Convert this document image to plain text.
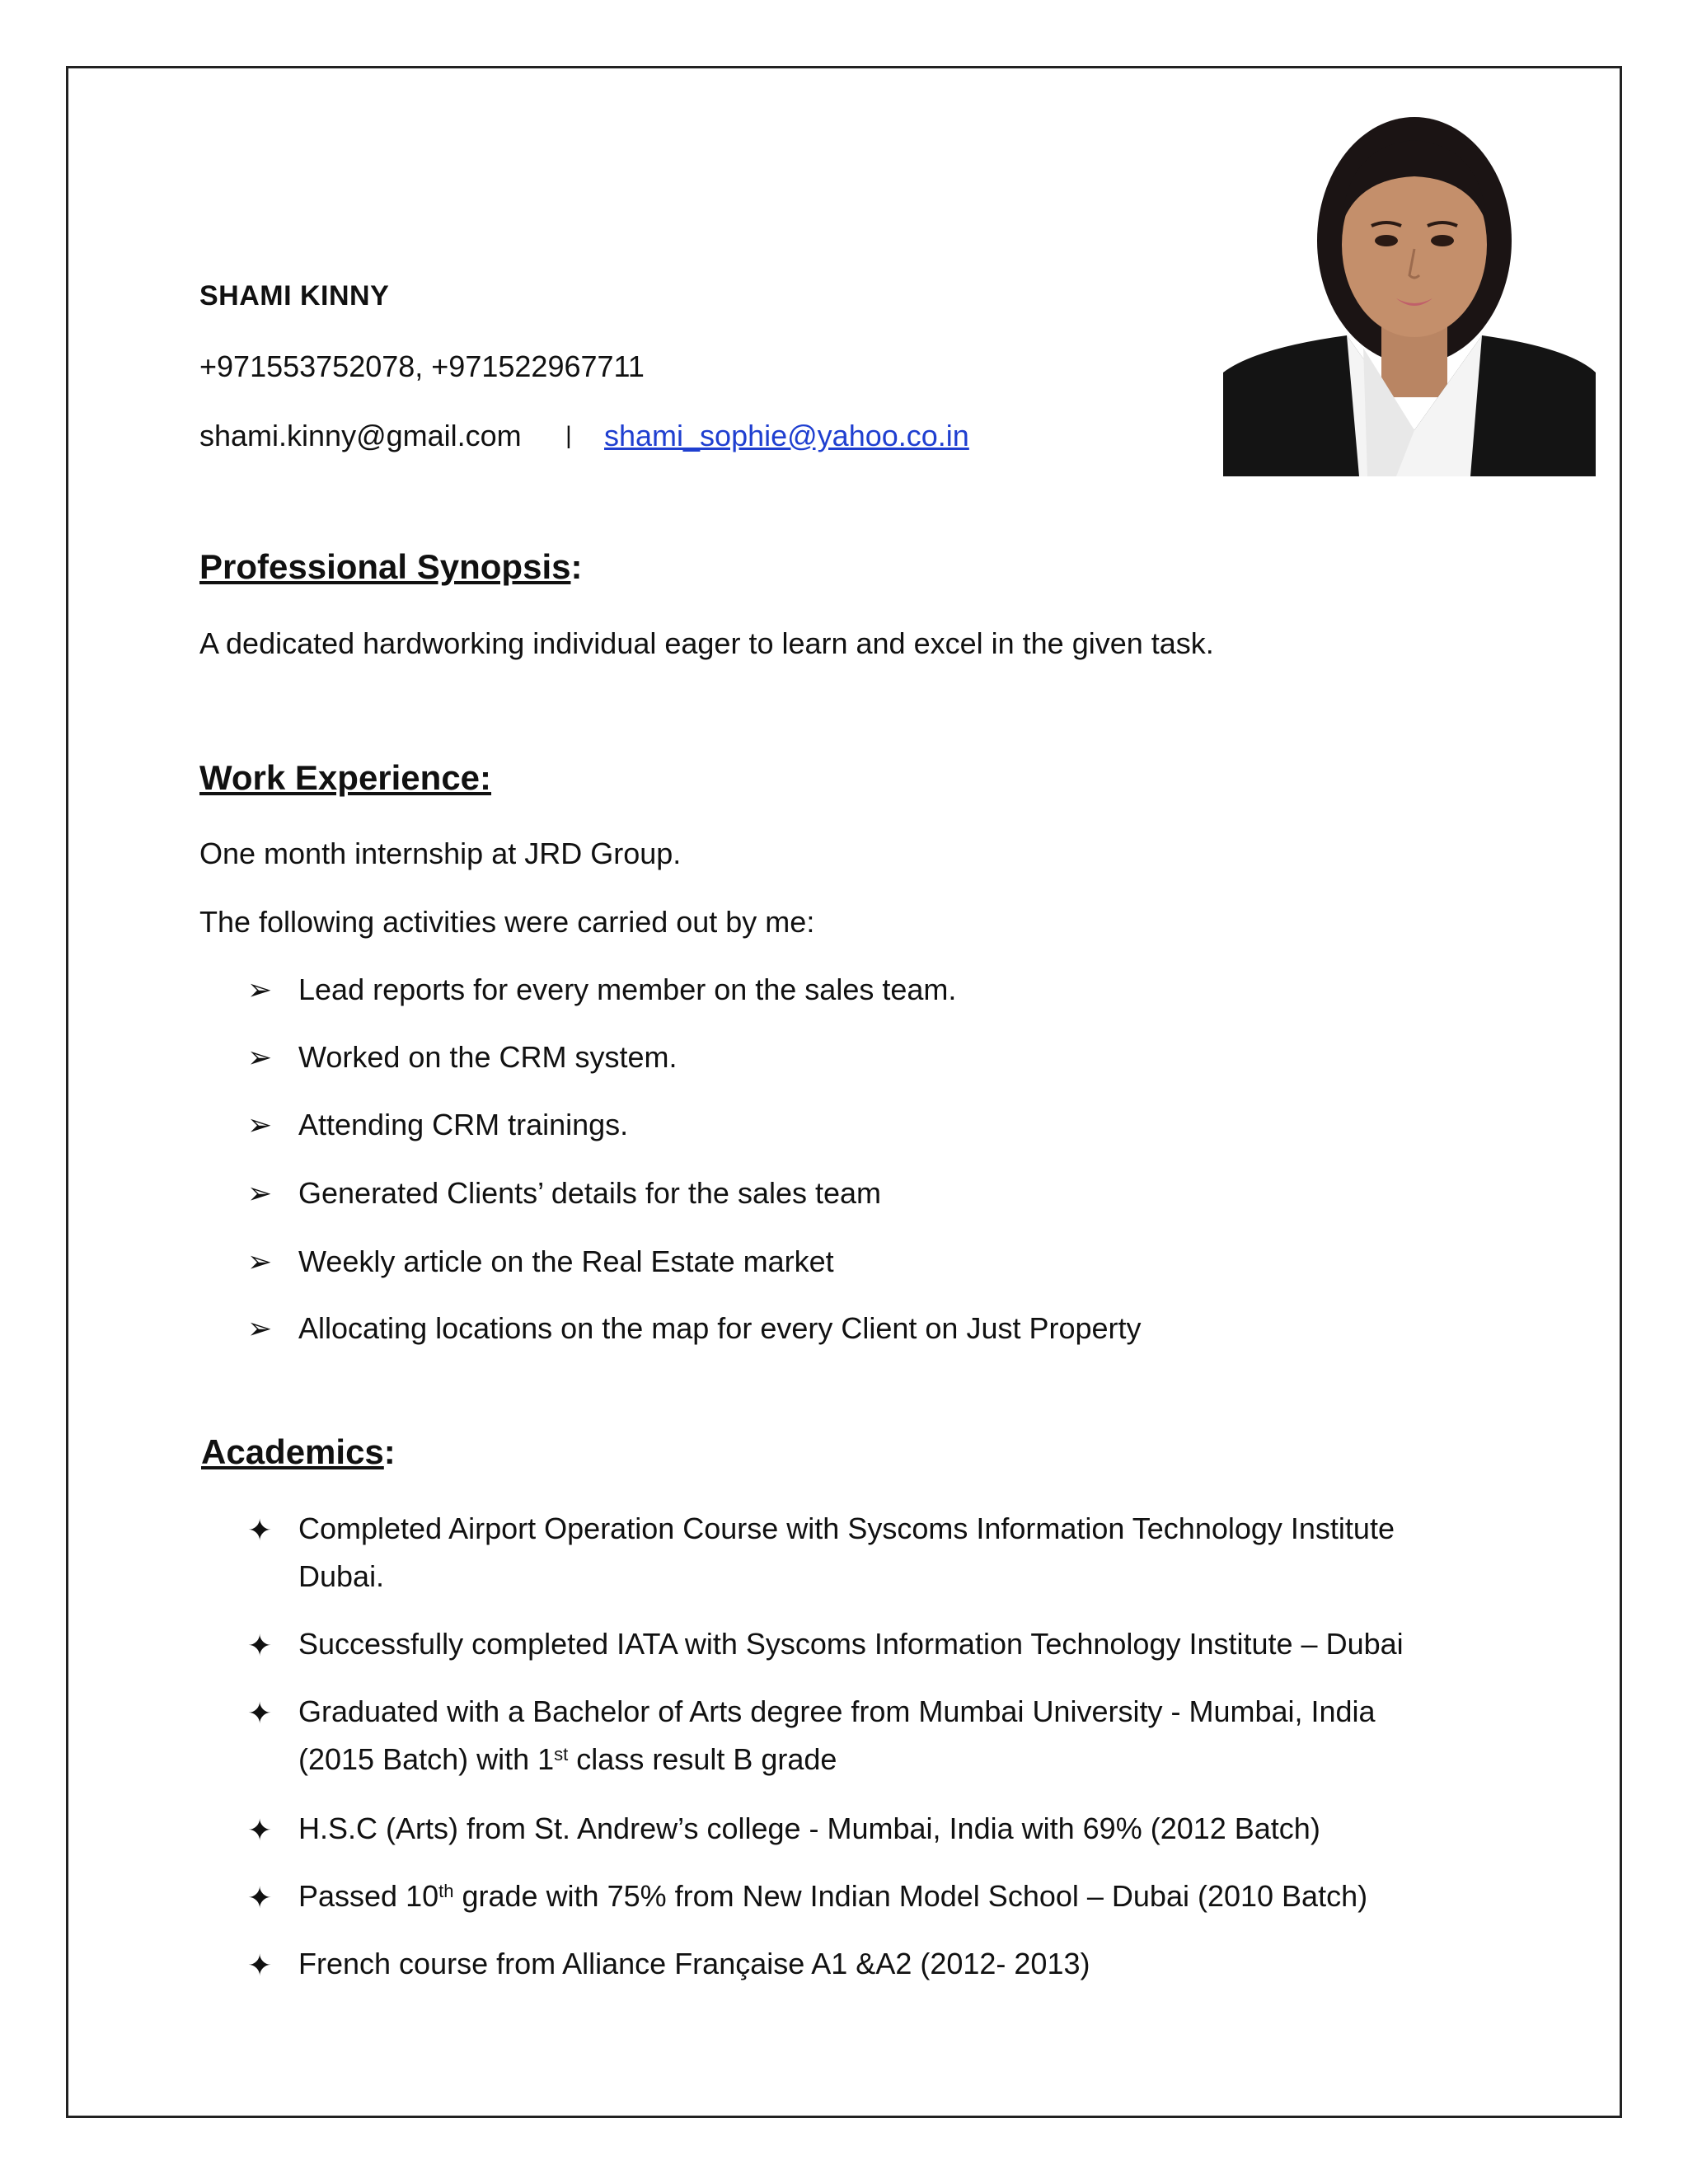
SHAMI KINNY
+971553752078, +971522967711
shami.kinny@gmail.com | shami_sophie@yahoo.co.in
Professional Synopsis:
A dedicated hardworking individual eager to learn and excel in the given task.
Work Experience:
One month internship at JRD Group.
The following activities were carried out by me:
➢ Lead reports for every member on the sales team.
➢ Worked on the CRM system.
➢ Attending CRM trainings.
➢ Generated Clients’ details for the sales team
➢ Weekly article on the Real Estate market
➢ Allocating locations on the map for every Client on Just Property
Academics:
✦ Completed Airport Operation Course with Syscoms Information Technology Institute Dubai.
✦ Successfully completed IATA with Syscoms Information Technology Institute – Dubai
✦ Graduated with a Bachelor of Arts degree from Mumbai University - Mumbai, India (2015 Batch) with 1st class result B grade
✦ H.S.C (Arts) from St. Andrew’s college - Mumbai, India with 69% (2012 Batch)
✦ Passed 10th grade with 75% from New Indian Model School – Dubai (2010 Batch)
✦ French course from Alliance Française A1 &A2 (2012- 2013)
